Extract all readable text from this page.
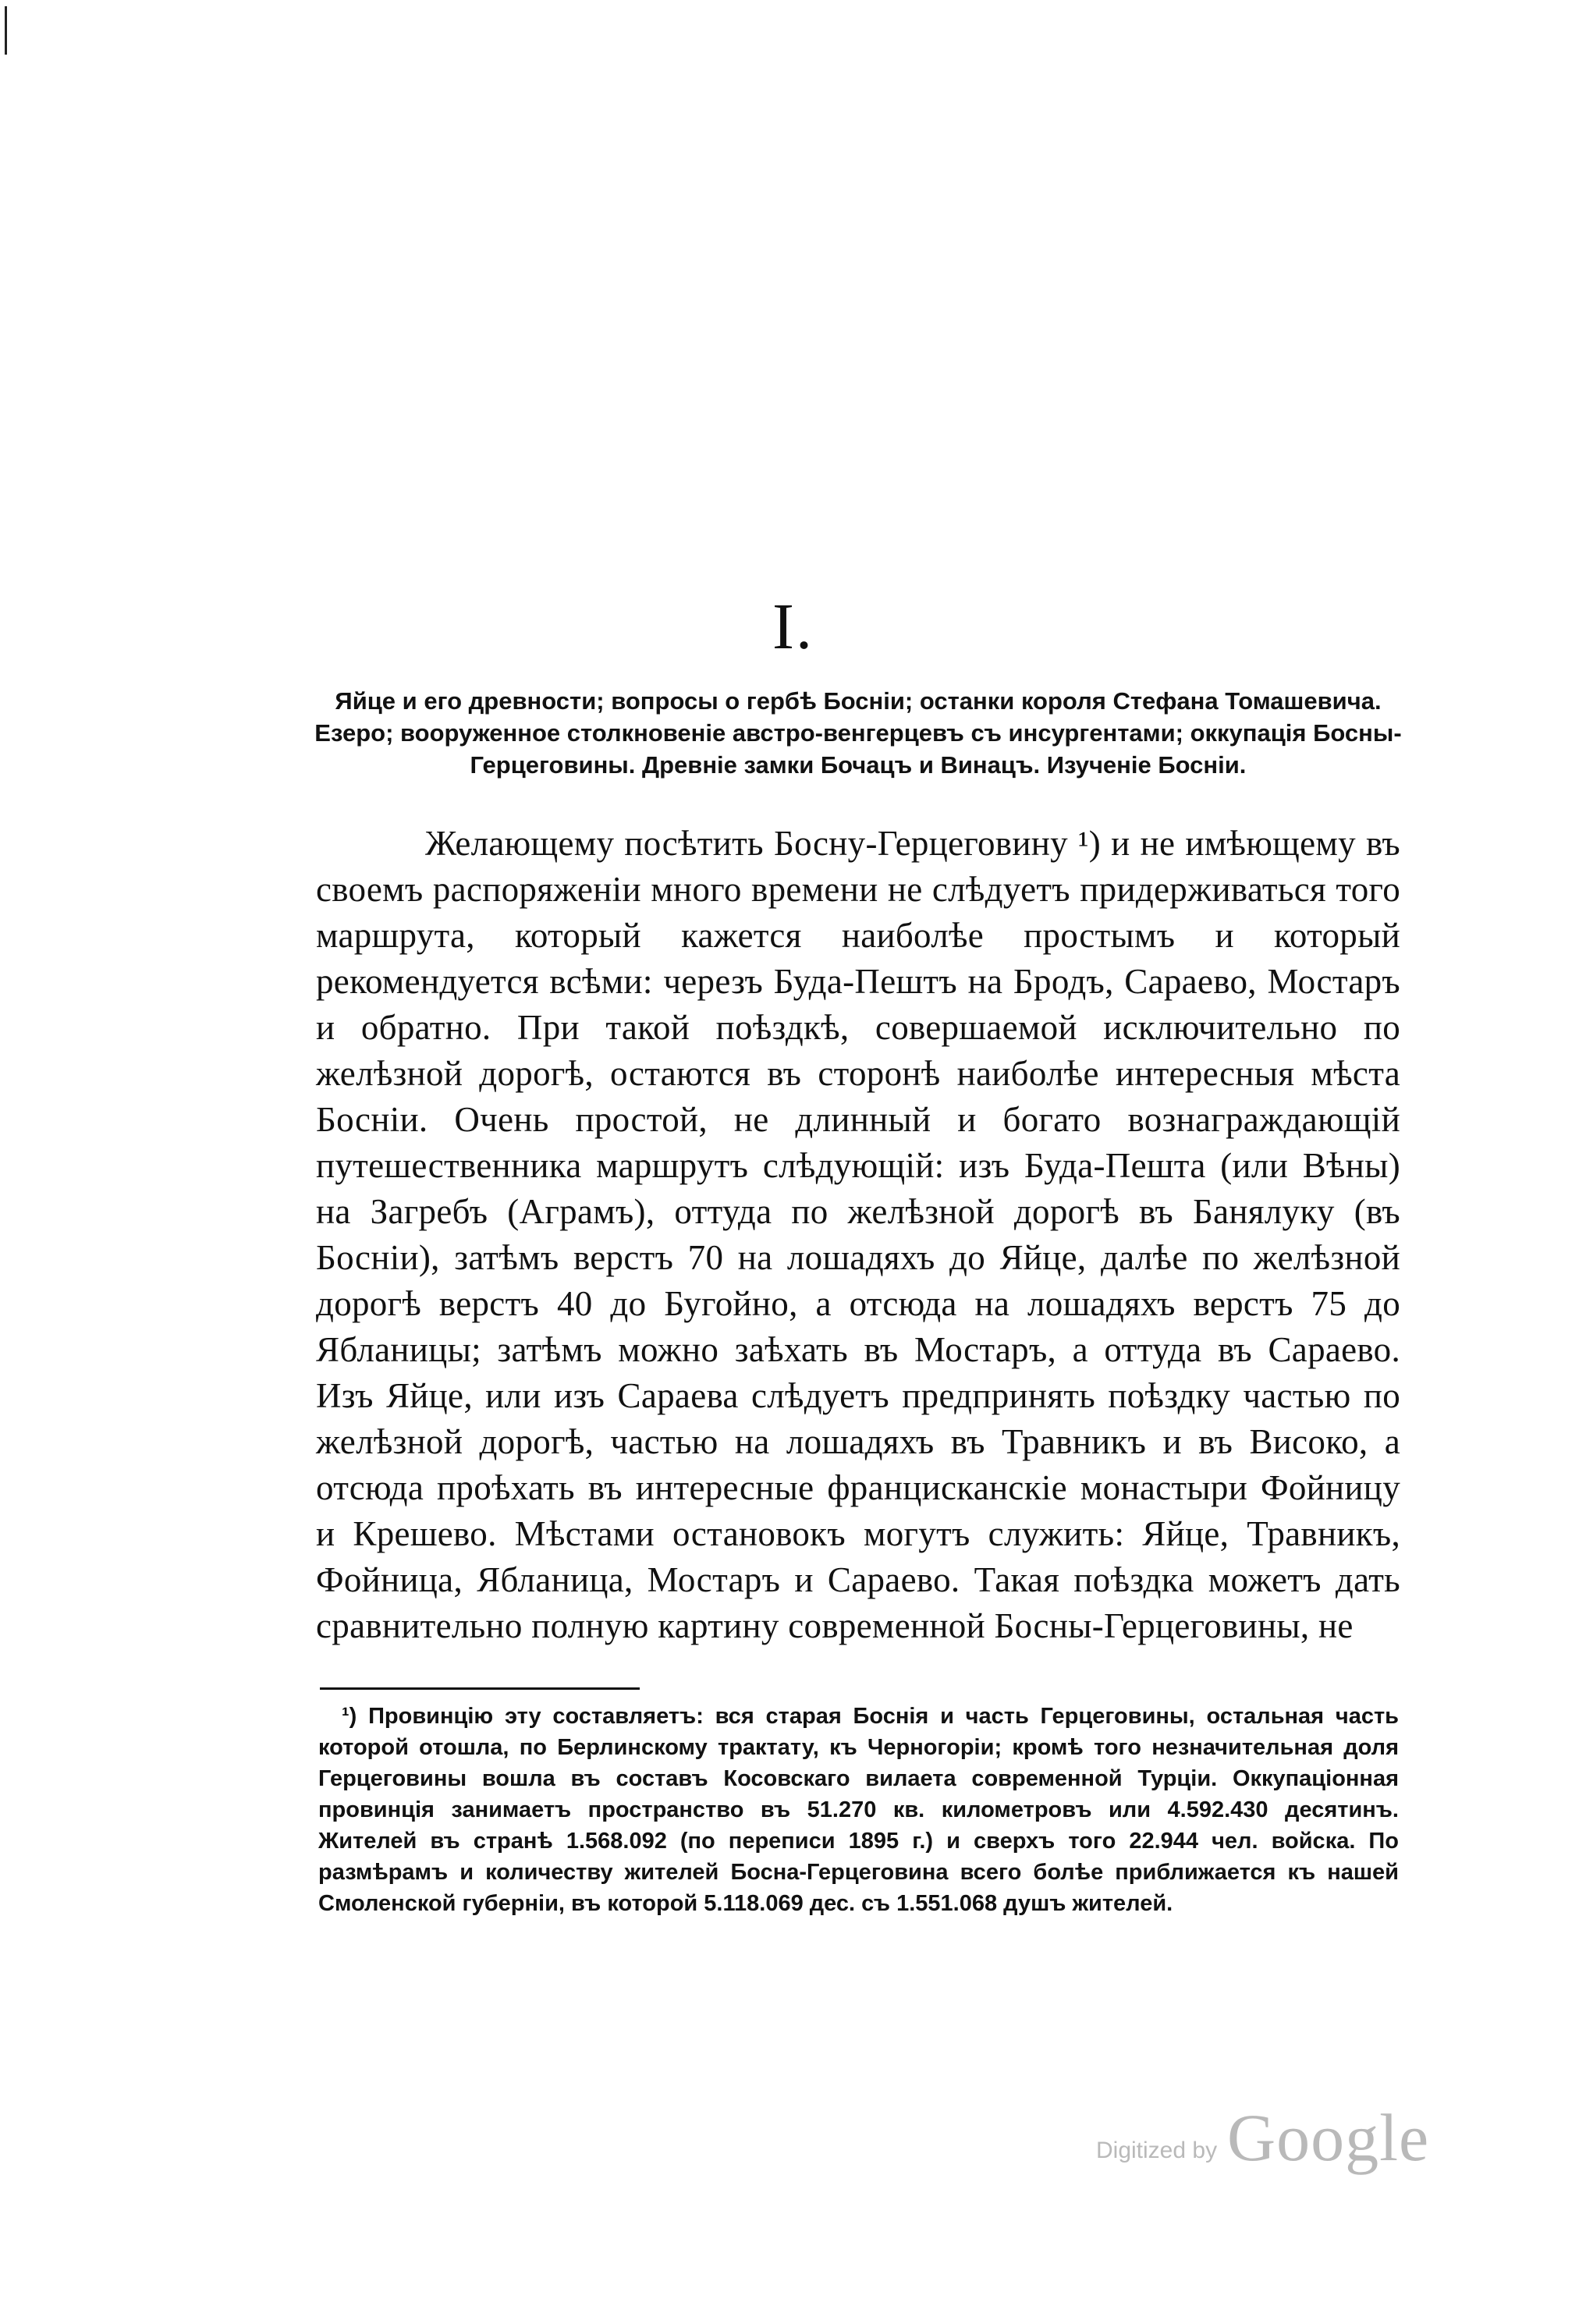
I.
Яйце и его древности; вопросы о гербѣ Босніи; останки короля Стефана Томашевича. Езеро; вооруженное столкновеніе австро-венгерцевъ съ инсургентами; оккупація Босны-Герцеговины. Древніе замки Бочацъ и Винацъ. Изученіе Босніи.
Желающему посѣтить Босну-Герцеговину ¹) и не имѣющему въ своемъ распоряженіи много времени не слѣдуетъ придерживаться того маршрута, который кажется наиболѣе простымъ и который рекомендуется всѣми: черезъ Буда-Пештъ на Бродъ, Сараево, Мостаръ и обратно. При такой поѣздкѣ, совершаемой исключительно по желѣзной дорогѣ, остаются въ сторонѣ наиболѣе интересныя мѣста Босніи. Очень простой, не длинный и богато вознаграждающій путешественника маршрутъ слѣдующій: изъ Буда-Пешта (или Вѣны) на Загребъ (Аграмъ), оттуда по желѣзной дорогѣ въ Банялуку (въ Босніи), затѣмъ верстъ 70 на лошадяхъ до Яйце, далѣе по желѣзной дорогѣ верстъ 40 до Бугойно, а отсюда на лошадяхъ верстъ 75 до Ябланицы; затѣмъ можно заѣхать въ Мостаръ, а оттуда въ Сараево. Изъ Яйце, или изъ Сараева слѣдуетъ предпринять поѣздку частью по желѣзной дорогѣ, частью на лошадяхъ въ Травникъ и въ Високо, а отсюда проѣхать въ интересные францисканскіе монастыри Фойницу и Крешево. Мѣстами остановокъ могутъ служить: Яйце, Травникъ, Фойница, Ябланица, Мостаръ и Сараево. Такая поѣздка можетъ дать сравнительно полную картину современной Босны-Герцеговины, не
¹) Провинцію эту составляетъ: вся старая Боснія и часть Герцеговины, остальная часть которой отошла, по Берлинскому трактату, къ Черногоріи; кромѣ того незначительная доля Герцеговины вошла въ составъ Косовскаго вилаета современной Турціи. Оккупаціонная провинція занимаетъ пространство въ 51.270 кв. километровъ или 4.592.430 десятинъ. Жителей въ странѣ 1.568.092 (по переписи 1895 г.) и сверхъ того 22.944 чел. войска. По размѣрамъ и количеству жителей Босна-Герцеговина всего болѣе приближается къ нашей Смоленской губерніи, въ которой 5.118.069 дес. съ 1.551.068 душъ жителей.
Digitized by Google
